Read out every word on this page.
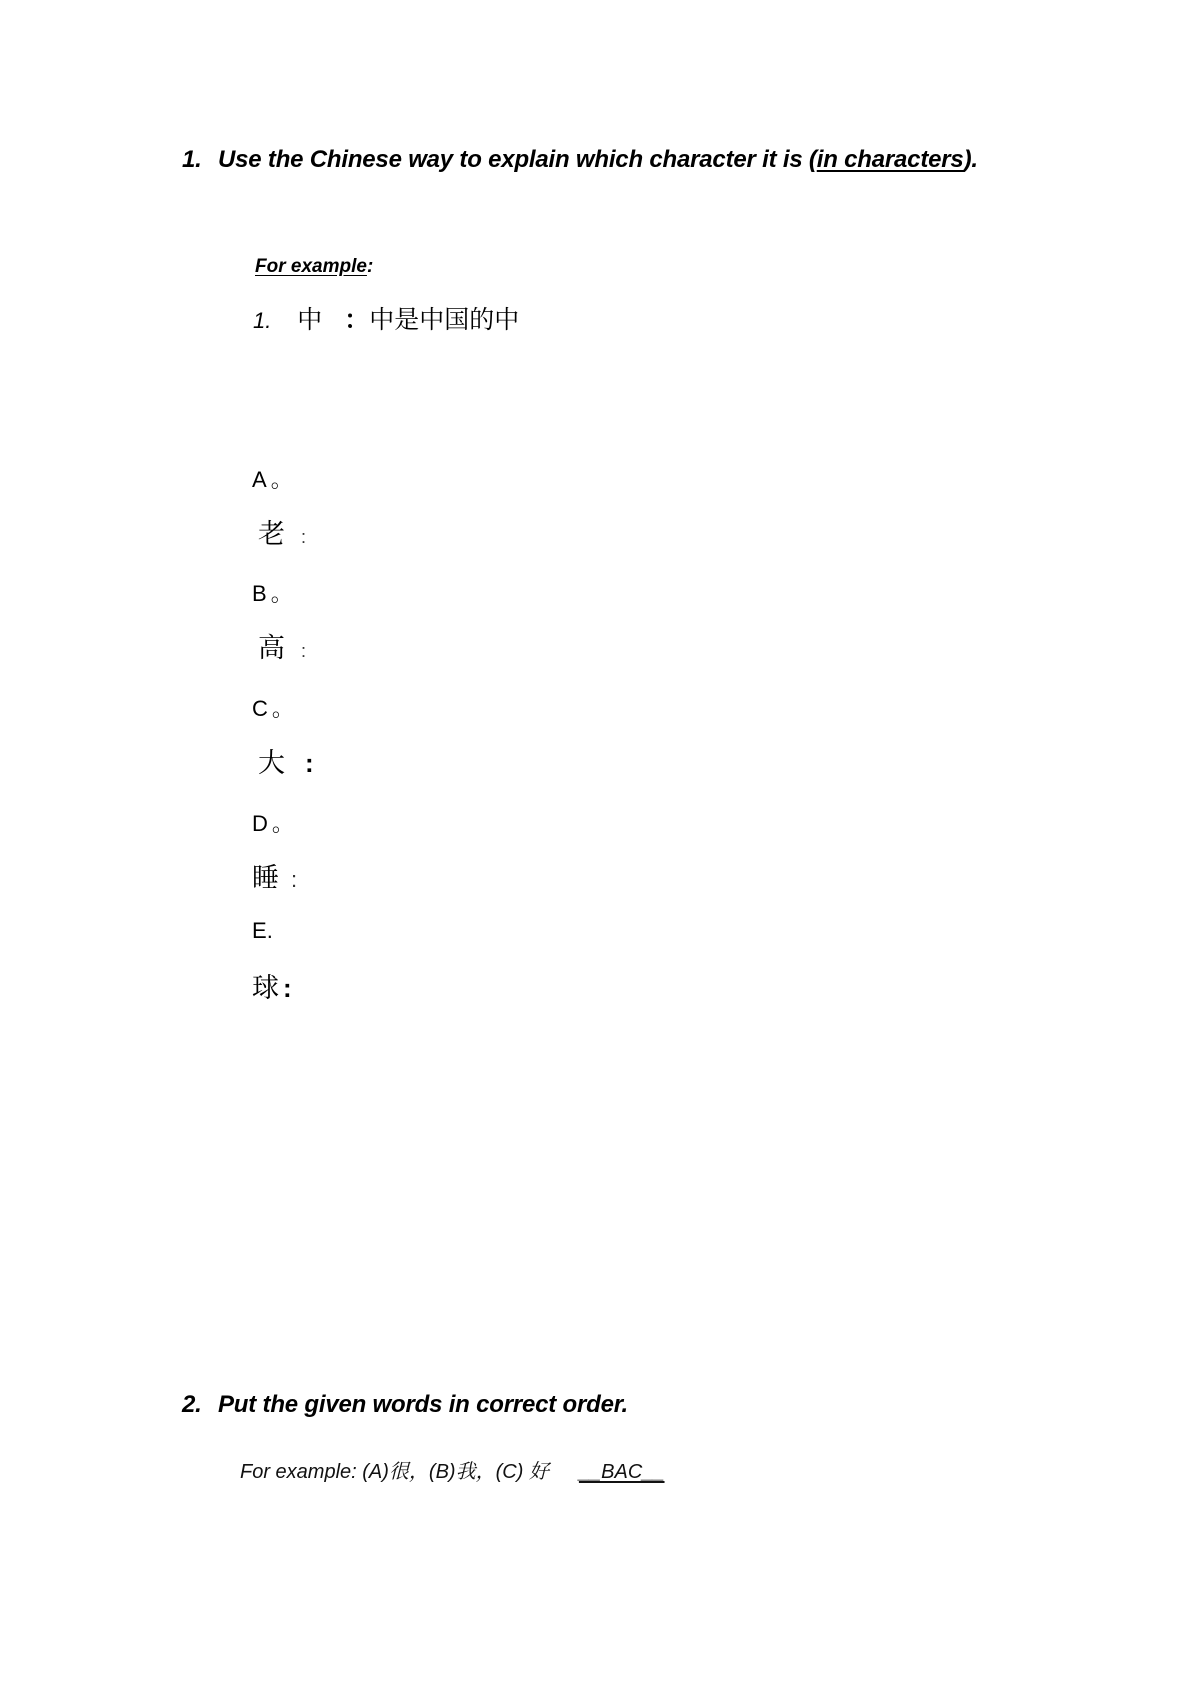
1. Use the Chinese way to explain which character it is (in characters).
For example:
1. 中 ：中是中国的中
A 。
老 :
B 。
高 :
C 。
大 :
D 。
睡 :
E.
球 :
2. Put the given words in correct order.
For example: (A)很，(B)我，(C) 好 __BAC__
